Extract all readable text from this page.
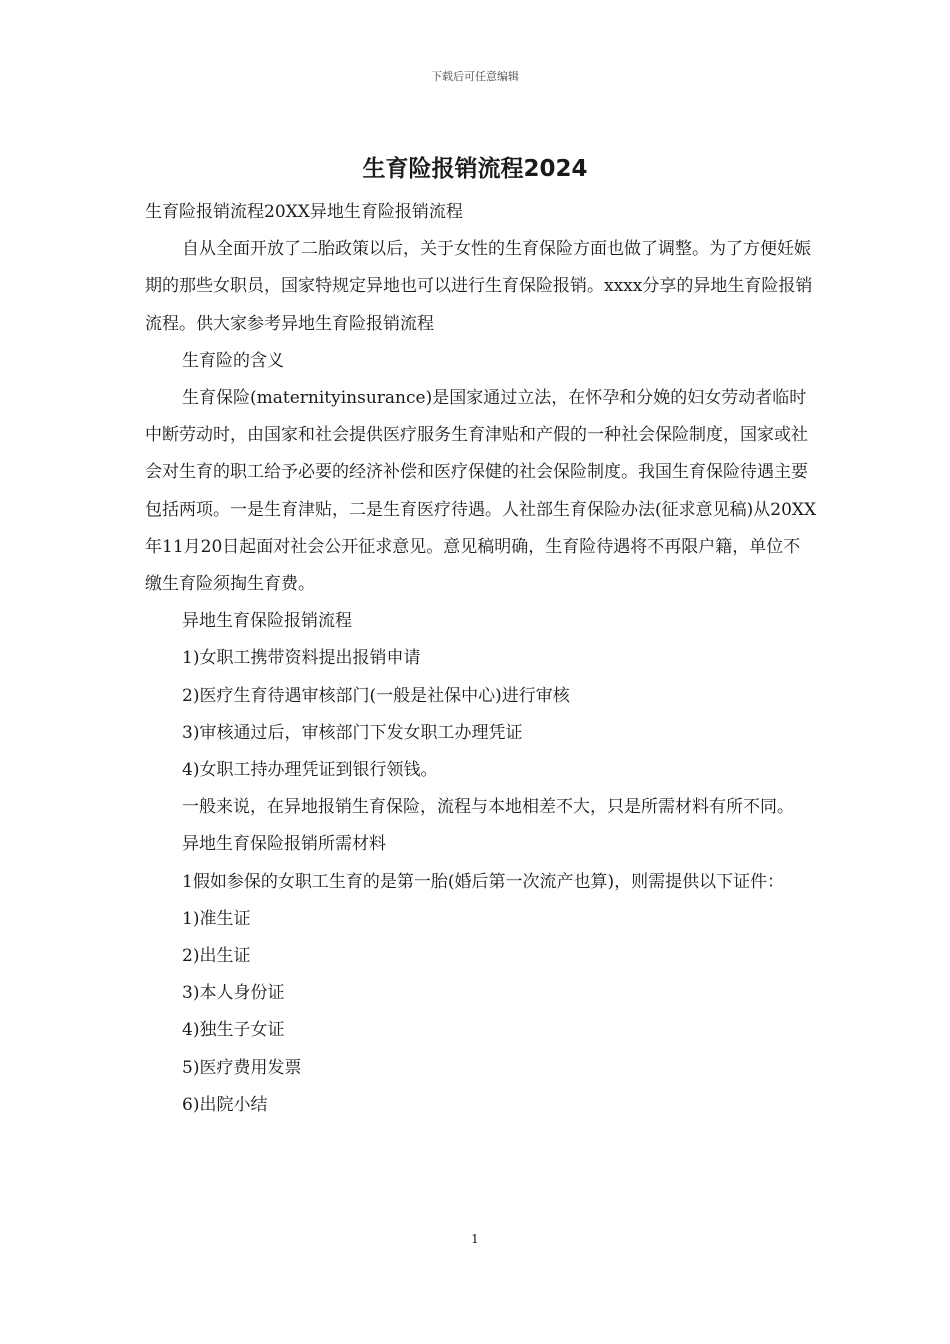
下载后可任意编辑
生育险报销流程2024

生育险报销流程20XX异地生育险报销流程

自从全面开放了二胎政策以后，关于女性的生育保险方面也做了调整。为了方便妊娠期的那些女职员，国家特规定异地也可以进行生育保险报销。xxxx分享的异地生育险报销流程。供大家参考异地生育险报销流程

生育险的含义

生育保险(maternityinsurance)是国家通过立法，在怀孕和分娩的妇女劳动者临时中断劳动时，由国家和社会提供医疗服务生育津贴和产假的一种社会保险制度，国家或社会对生育的职工给予必要的经济补偿和医疗保健的社会保险制度。我国生育保险待遇主要包括两项。一是生育津贴，二是生育医疗待遇。人社部生育保险办法(征求意见稿)从20XX年11月20日起面对社会公开征求意见。意见稿明确，生育险待遇将不再限户籍，单位不缴生育险须掏生育费。

异地生育保险报销流程

1)女职工携带资料提出报销申请

2)医疗生育待遇审核部门(一般是社保中心)进行审核

3)审核通过后，审核部门下发女职工办理凭证

4)女职工持办理凭证到银行领钱。

一般来说，在异地报销生育保险，流程与本地相差不大，只是所需材料有所不同。

异地生育保险报销所需材料

1假如参保的女职工生育的是第一胎(婚后第一次流产也算)，则需提供以下证件：

1)准生证

2)出生证

3)本人身份证

4)独生子女证

5)医疗费用发票

6)出院小结

1
